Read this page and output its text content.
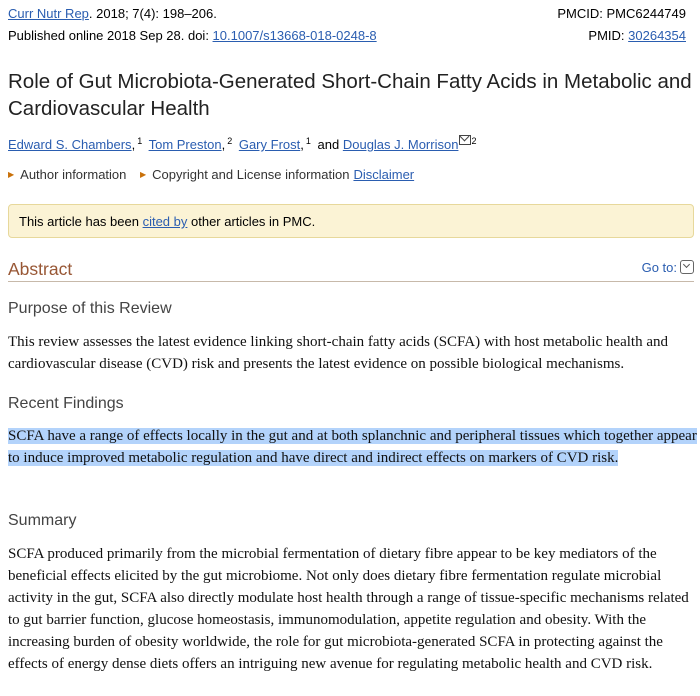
Curr Nutr Rep. 2018; 7(4): 198–206.	PMCID: PMC6244749
Published online 2018 Sep 28. doi: 10.1007/s13668-018-0248-8	PMID: 30264354
Role of Gut Microbiota-Generated Short-Chain Fatty Acids in Metabolic and Cardiovascular Health
Edward S. Chambers, $^1$ Tom Preston, $^2$ Gary Frost, $^1$ and Douglas J. Morrison $^2$
▶ Author information ▶ Copyright and License information Disclaimer
This article has been cited by other articles in PMC.
Abstract	Go to:
Purpose of this Review

This review assesses the latest evidence linking short-chain fatty acids (SCFA) with host metabolic health and cardiovascular disease (CVD) risk and presents the latest evidence on possible biological mechanisms.

Recent Findings

SCFA have a range of effects locally in the gut and at both splanchnic and peripheral tissues which together appear to induce improved metabolic regulation and have direct and indirect effects on markers of CVD risk.

Summary

SCFA produced primarily from the microbial fermentation of dietary fibre appear to be key mediators of the beneficial effects elicited by the gut microbiome. Not only does dietary fibre fermentation regulate microbial activity in the gut, SCFA also directly modulate host health through a range of tissue-specific mechanisms related to gut barrier function, glucose homeostasis, immunomodulation, appetite regulation and obesity. With the increasing burden of obesity worldwide, the role for gut microbiota-generated SCFA in protecting against the effects of energy dense diets offers an intriguing new avenue for regulating metabolic health and CVD risk.
